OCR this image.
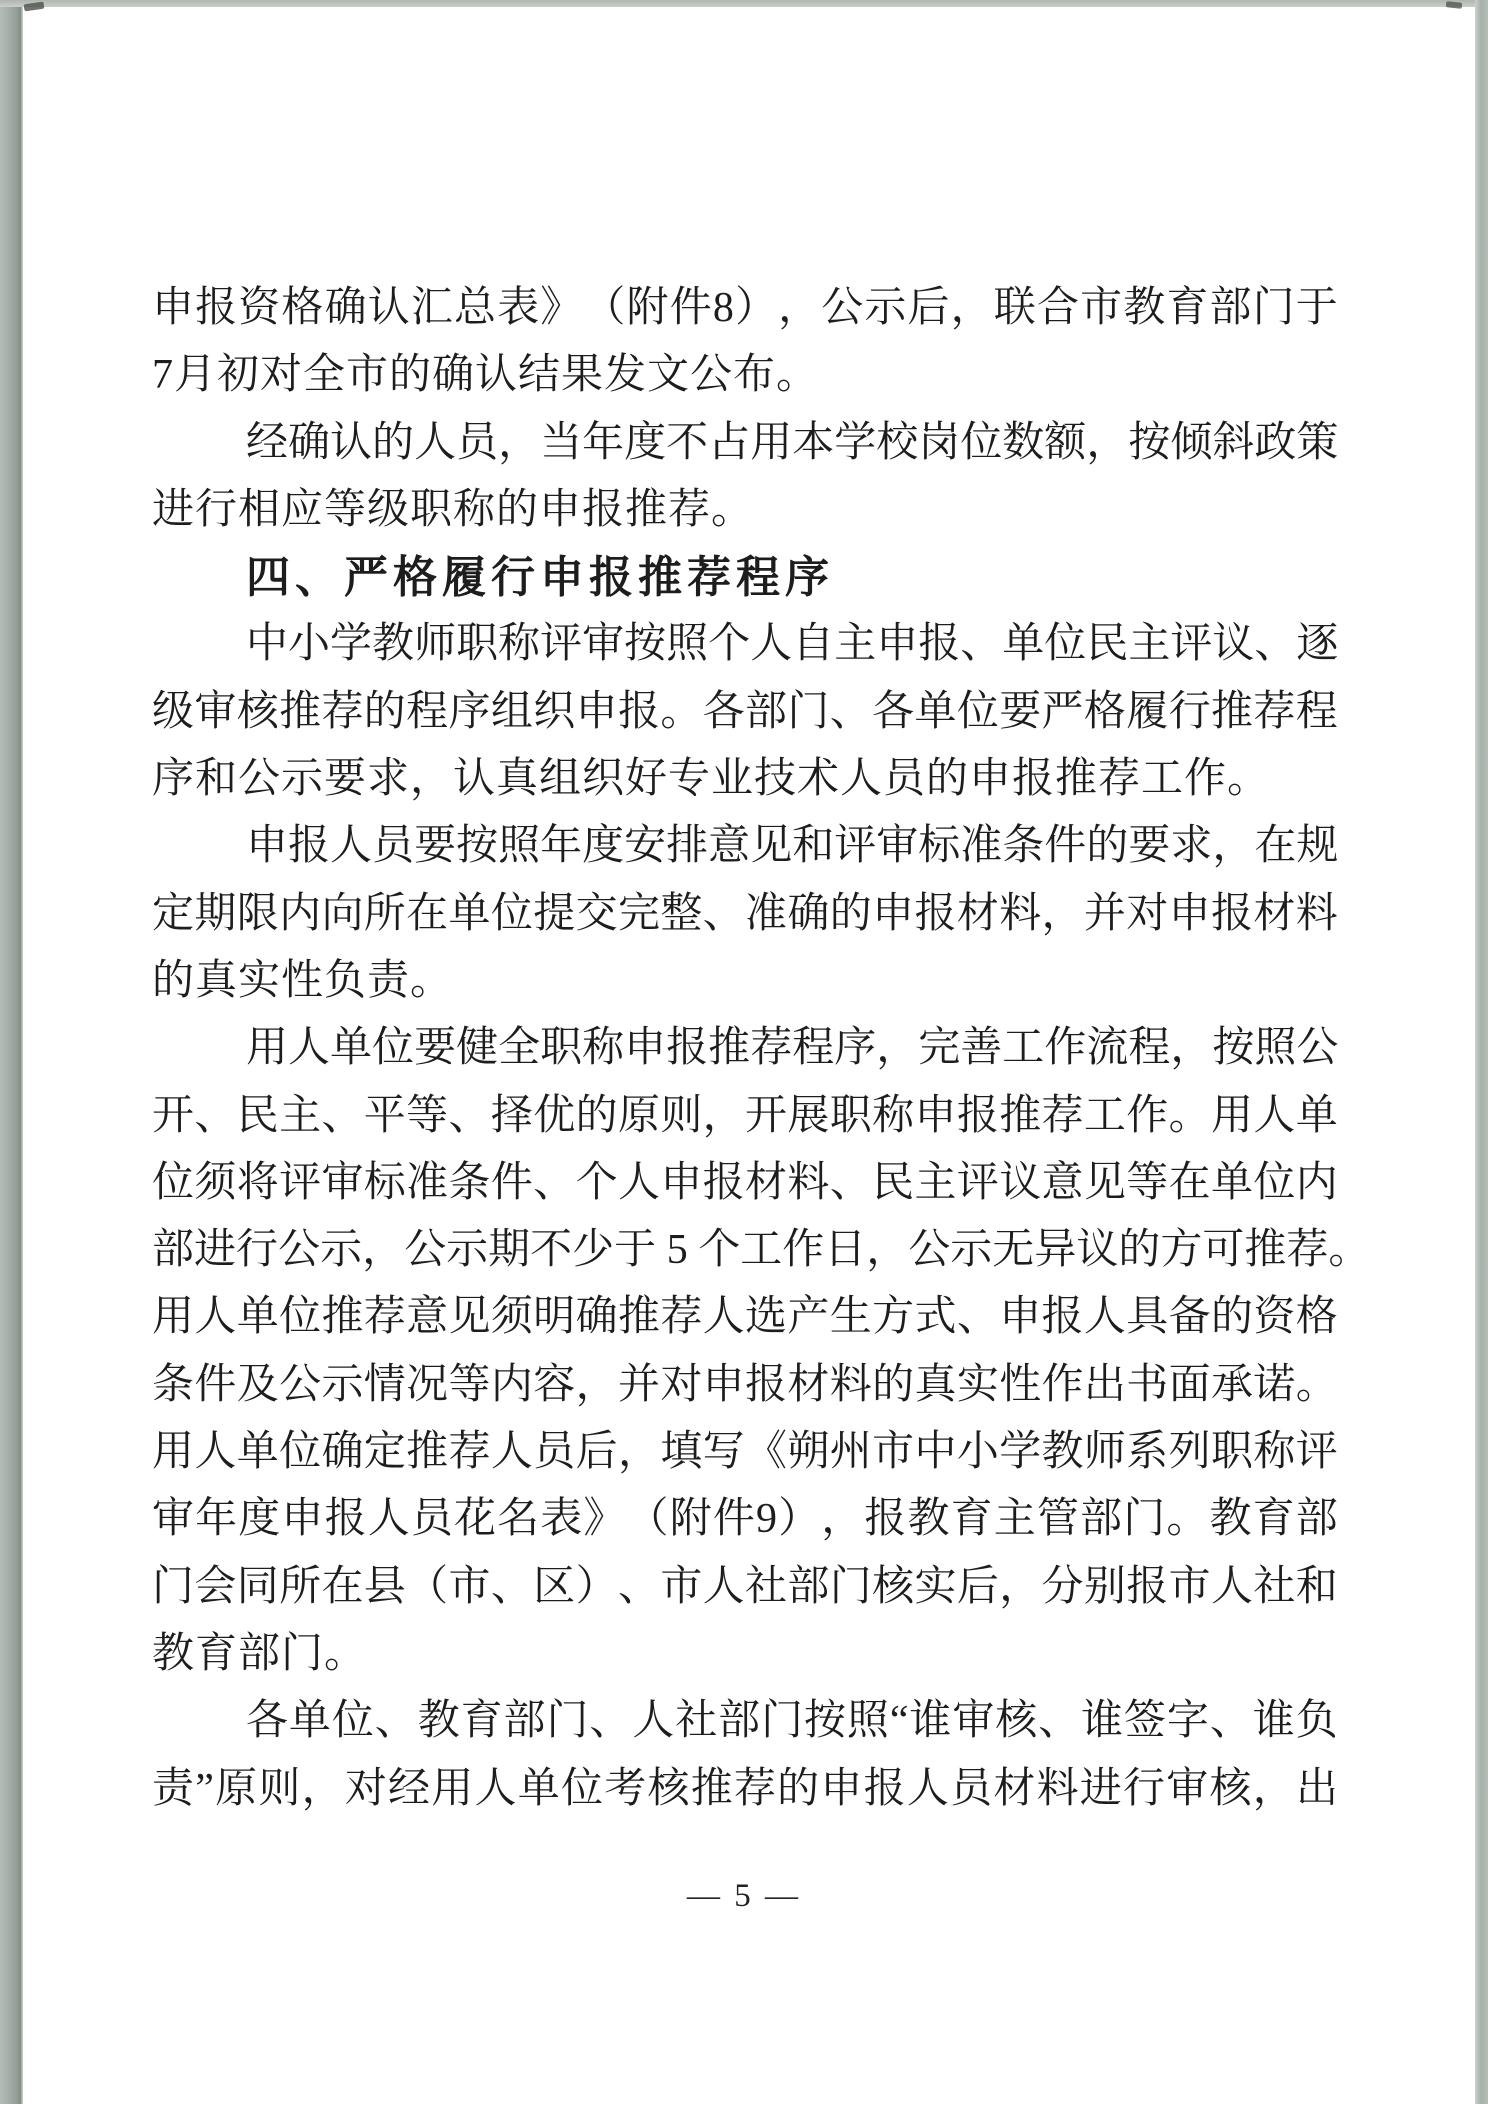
申 报 资 格 确 认 汇 总 表 》 （ 附 件 8 ） ， 公 示 后 ， 联 合 市 教 育 部 门 于
7月初对全市的确认结果发文公布。
经 确 认 的 人 员 ， 当 年 度 不 占 用 本 学 校 岗 位 数 额 ， 按 倾 斜 政 策
进行相应等级职称的申报推荐。
四、严格履行申报推荐程序
中 小 学 教 师 职 称 评 审 按 照 个 人 自 主 申 报 、 单 位 民 主 评 议 、 逐
级 审 核 推 荐 的 程 序 组 织 申 报 。 各 部 门 、 各 单 位 要 严 格 履 行 推 荐 程
序和公示要求，认真组织好专业技术人员的申报推荐工作。
申 报 人 员 要 按 照 年 度 安 排 意 见 和 评 审 标 准 条 件 的 要 求 ， 在 规
定 期 限 内 向 所 在 单 位 提 交 完 整 、 准 确 的 申 报 材 料 ， 并 对 申 报 材 料
的真实性负责。
用 人 单 位 要 健 全 职 称 申 报 推 荐 程 序 ， 完 善 工 作 流 程 ， 按 照 公
开 、 民 主 、 平 等 、 择 优 的 原 则 ， 开 展 职 称 申 报 推 荐 工 作 。 用 人 单
位 须 将 评 审 标 准 条 件 、 个 人 申 报 材 料 、 民 主 评 议 意 见 等 在 单 位 内
部 进 行 公 示 ， 公 示 期 不 少 于
5
个 工 作 日 ， 公 示 无 异 议 的 方 可 推 荐 。
用 人 单 位 推 荐 意 见 须 明 确 推 荐 人 选 产 生 方 式 、 申 报 人 具 备 的 资 格
条 件 及 公 示 情 况 等 内 容 ， 并 对 申 报 材 料 的 真 实 性 作 出 书 面 承 诺 。
用 人 单 位 确 定 推 荐 人 员 后 ， 填 写 《 朔 州 市 中 小 学 教 师 系 列 职 称 评
审 年 度 申 报 人 员 花 名 表 》 （ 附 件 9 ） ， 报 教 育 主 管 部 门 。 教 育 部
门 会 同 所 在 县 （ 市 、 区 ） 、 市 人 社 部 门 核 实 后 ， 分 别 报 市 人 社 和
教育部门。
各 单 位 、 教 育 部 门 、 人 社 部 门 按 照 “ 谁 审 核 、 谁 签 字 、 谁 负
责 ” 原 则 ， 对 经 用 人 单 位 考 核 推 荐 的 申 报 人 员 材 料 进 行 审 核 ， 出
— 5 —
